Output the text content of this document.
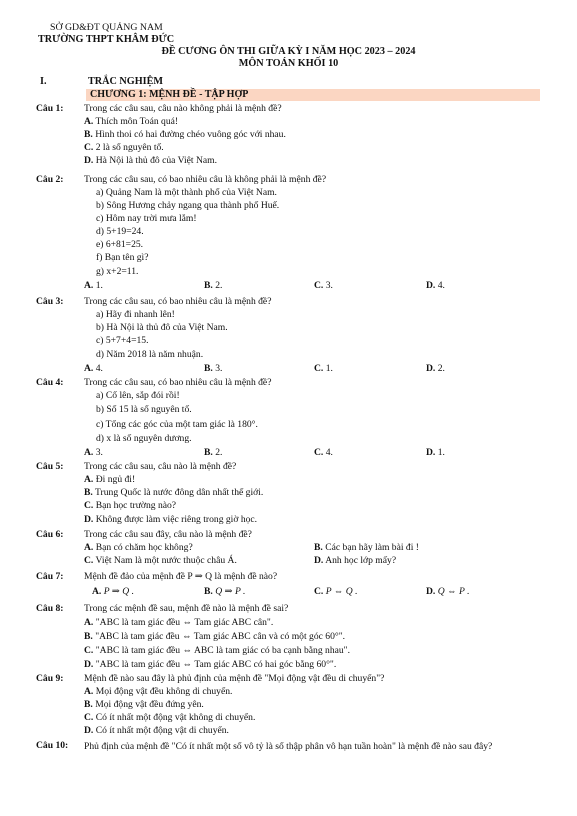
SỞ GD&ĐT QUẢNG NAM
TRƯỜNG THPT KHÂM ĐỨC
ĐỀ CƯƠNG ÔN THI GIỮA KỲ I NĂM HỌC 2023 – 2024
MÔN TOÁN KHỐI 10
I.	TRẮC NGHIỆM
CHƯƠNG 1: MỆNH ĐỀ - TẬP HỢP
Câu 1: Trong các câu sau, câu nào không phải là mệnh đề?
A. Thích môn Toán quá!
B. Hình thoi có hai đường chéo vuông góc với nhau.
C. 2 là số nguyên tố.
D. Hà Nội là thủ đô của Việt Nam.
Câu 2: Trong các câu sau, có bao nhiêu câu là không phải là mệnh đề?
a) Quảng Nam là một thành phố của Việt Nam.
b) Sông Hương chảy ngang qua thành phố Huế.
c) Hôm nay trời mưa lắm!
d) 5+19=24.
e) 6+81=25.
f) Bạn tên gì?
g) x+2=11.
A. 1.	B. 2.	C. 3.	D. 4.
Câu 3: Trong các câu sau, có bao nhiêu câu là mệnh đề?
a) Hãy đi nhanh lên!
b) Hà Nội là thủ đô của Việt Nam.
c) 5+7+4=15.
d) Năm 2018 là năm nhuận.
A. 4.	B. 3.	C. 1.	D. 2.
Câu 4: Trong các câu sau, có bao nhiêu câu là mệnh đề?
a) Cố lên, sắp đói rồi!
b) Số 15 là số nguyên tố.
c) Tổng các góc của một tam giác là 180°.
d) x là số nguyên dương.
A. 3.	B. 2.	C. 4.	D. 1.
Câu 5: Trong các câu sau, câu nào là mệnh đề?
A. Đi ngủ đi!
B. Trung Quốc là nước đông dân nhất thế giới.
C. Bạn học trường nào?
D. Không được làm việc riêng trong giờ học.
Câu 6: Trong các câu sau đây, câu nào là mệnh đề?
A. Bạn có chăm học không?	B. Các bạn hãy làm bài đi !
C. Việt Nam là một nước thuộc châu Á.	D. Anh học lớp mấy?
Câu 7: Mệnh đề đảo của mệnh đề P ⇒ Q là mệnh đề nào?
A. P ⇒ Q .	B. Q ⇒ P .	C. P ⇔ Q .	D. Q ⇔ P .
Câu 8: Trong các mệnh đề sau, mệnh đề nào là mệnh đề sai?
A. "ABC là tam giác đều ⇔ Tam giác ABC cân".
B. "ABC là tam giác đều ⇔ Tam giác ABC cân và có một góc 60°".
C. "ABC là tam giác đều ⇔ ABC là tam giác có ba cạnh bằng nhau".
D. "ABC là tam giác đều ⇔ Tam giác ABC có hai góc bằng 60°".
Câu 9: Mệnh đề nào sau đây là phủ định của mệnh đề "Mọi động vật đều di chuyển"?
A. Mọi động vật đều không di chuyển.
B. Mọi động vật đều đứng yên.
C. Có ít nhất một động vật không di chuyển.
D. Có ít nhất một động vật di chuyển.
Câu 10: Phủ định của mệnh đề "Có ít nhất một số vô tỷ là số thập phân vô hạn tuần hoàn" là mệnh đề nào sau đây?
